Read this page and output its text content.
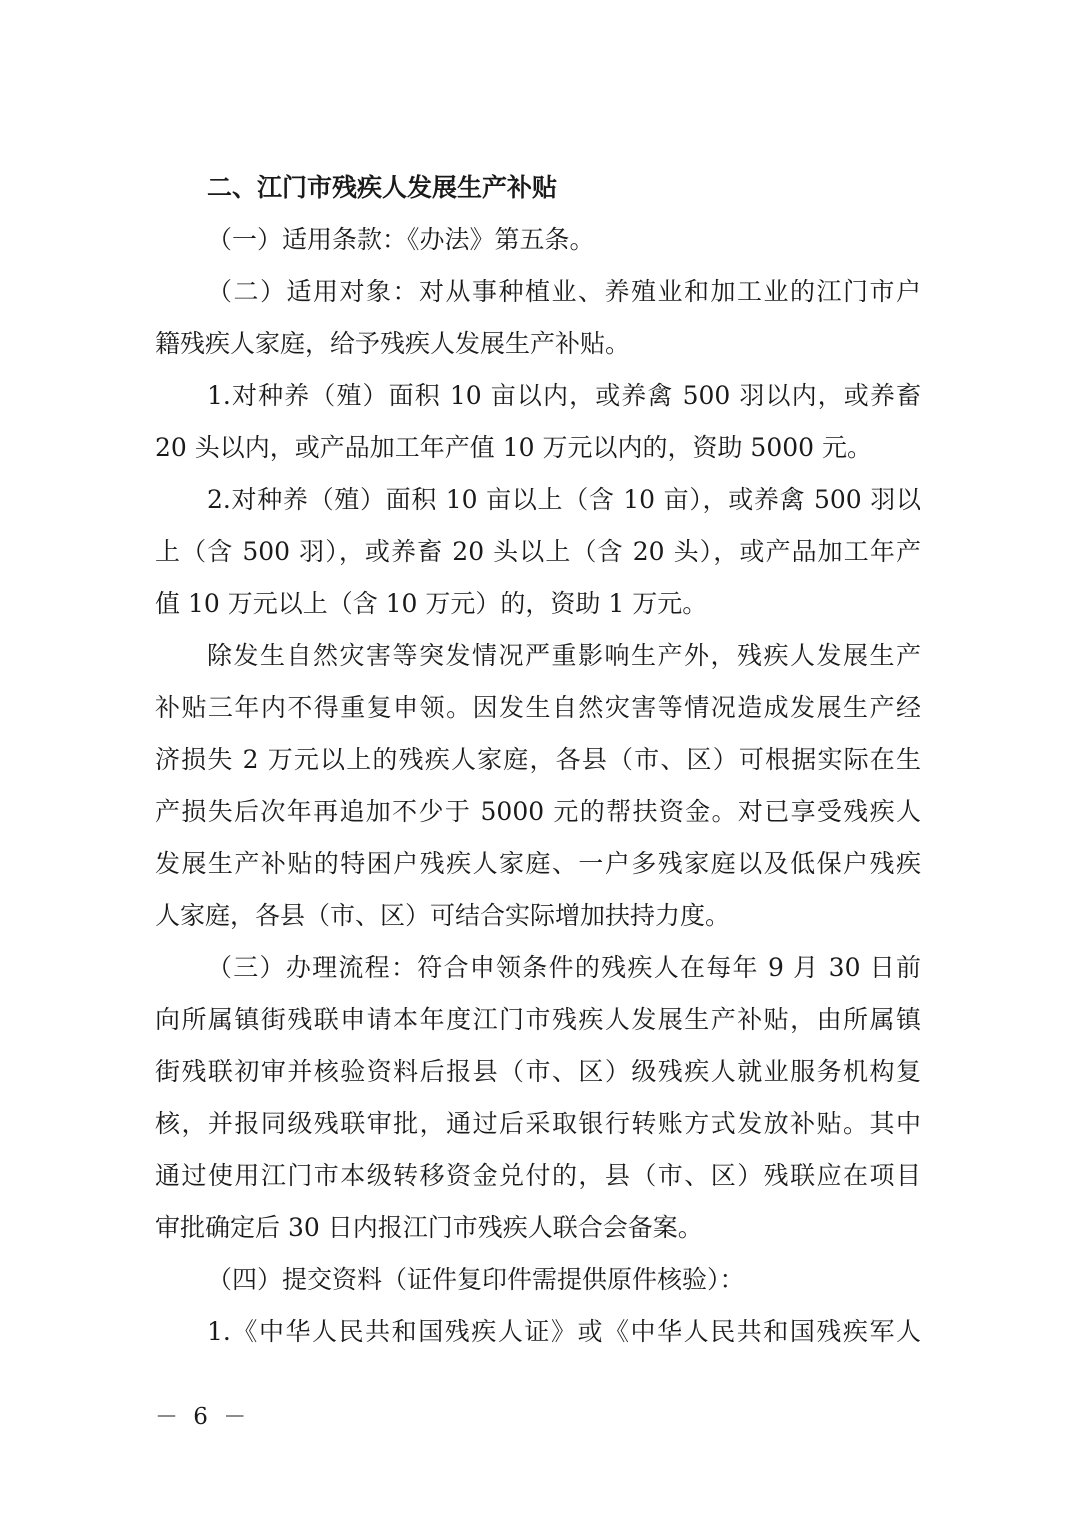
二、江门市残疾人发展生产补贴
（一）适用条款：《办法》第五条。
（二）适用对象：对从事种植业、养殖业和加工业的江门市户
籍残疾人家庭，给予残疾人发展生产补贴。
1.对种养（殖）面积 10 亩以内，或养禽 500 羽以内，或养畜
20 头以内，或产品加工年产值 10 万元以内的，资助 5000 元。
2.对种养（殖）面积 10 亩以上（含 10 亩），或养禽 500 羽以
上（含 500 羽），或养畜 20 头以上（含 20 头），或产品加工年产
值 10 万元以上（含 10 万元）的，资助 1 万元。
除发生自然灾害等突发情况严重影响生产外，残疾人发展生产
补贴三年内不得重复申领。因发生自然灾害等情况造成发展生产经
济损失 2 万元以上的残疾人家庭，各县（市、区）可根据实际在生
产损失后次年再追加不少于 5000 元的帮扶资金。对已享受残疾人
发展生产补贴的特困户残疾人家庭、一户多残家庭以及低保户残疾
人家庭，各县（市、区）可结合实际增加扶持力度。
（三）办理流程：符合申领条件的残疾人在每年 9 月 30 日前
向所属镇街残联申请本年度江门市残疾人发展生产补贴，由所属镇
街残联初审并核验资料后报县（市、区）级残疾人就业服务机构复
核，并报同级残联审批，通过后采取银行转账方式发放补贴。其中
通过使用江门市本级转移资金兑付的，县（市、区）残联应在项目
审批确定后 30 日内报江门市残疾人联合会备案。
（四）提交资料（证件复印件需提供原件核验）：
1.《中华人民共和国残疾人证》或《中华人民共和国残疾军人
－ 6 －
